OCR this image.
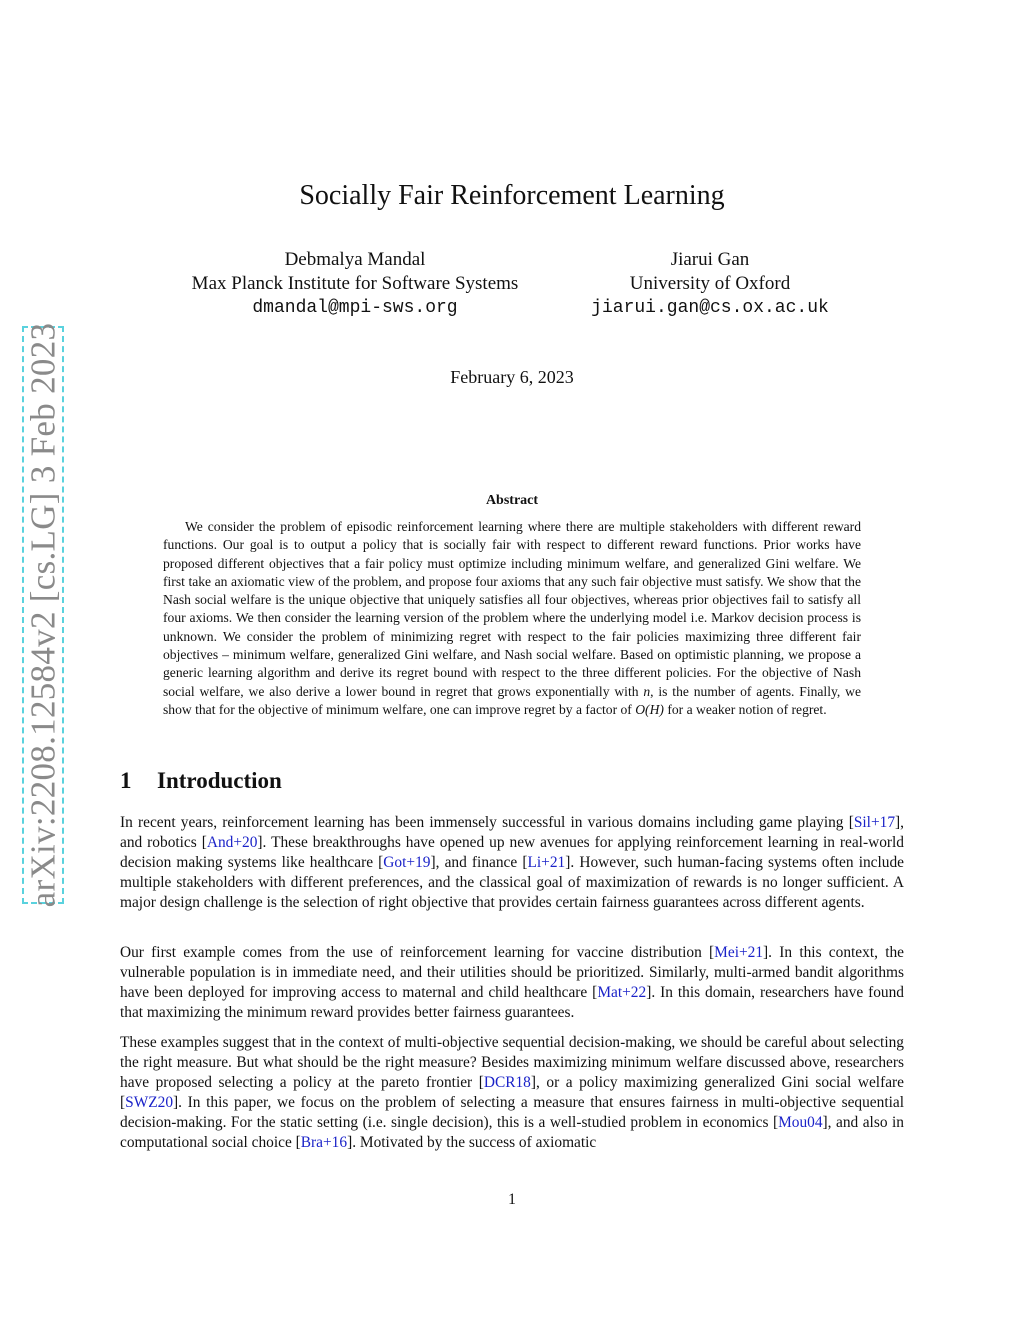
arXiv:2208.12584v2 [cs.LG] 3 Feb 2023
Socially Fair Reinforcement Learning
Debmalya Mandal
Max Planck Institute for Software Systems
dmandal@mpi-sws.org
Jiarui Gan
University of Oxford
jiarui.gan@cs.ox.ac.uk
February 6, 2023
Abstract

We consider the problem of episodic reinforcement learning where there are multiple stakeholders with different reward functions. Our goal is to output a policy that is socially fair with respect to different reward functions. Prior works have proposed different objectives that a fair policy must optimize including minimum welfare, and generalized Gini welfare. We first take an axiomatic view of the problem, and propose four axioms that any such fair objective must satisfy. We show that the Nash social welfare is the unique objective that uniquely satisfies all four objectives, whereas prior objectives fail to satisfy all four axioms. We then consider the learning version of the problem where the underlying model i.e. Markov decision process is unknown. We consider the problem of minimizing regret with respect to the fair policies maximizing three different fair objectives – minimum welfare, generalized Gini welfare, and Nash social welfare. Based on optimistic planning, we propose a generic learning algorithm and derive its regret bound with respect to the three different policies. For the objective of Nash social welfare, we also derive a lower bound in regret that grows exponentially with n, is the number of agents. Finally, we show that for the objective of minimum welfare, one can improve regret by a factor of O(H) for a weaker notion of regret.

1 Introduction

In recent years, reinforcement learning has been immensely successful in various domains including game playing [Sil+17], and robotics [And+20]. These breakthroughs have opened up new avenues for applying reinforcement learning in real-world decision making systems like healthcare [Got+19], and finance [Li+21]. However, such human-facing systems often include multiple stakeholders with different preferences, and the classical goal of maximization of rewards is no longer sufficient. A major design challenge is the selection of right objective that provides certain fairness guarantees across different agents.

Our first example comes from the use of reinforcement learning for vaccine distribution [Mei+21]. In this context, the vulnerable population is in immediate need, and their utilities should be prioritized. Similarly, multi-armed bandit algorithms have been deployed for improving access to maternal and child healthcare [Mat+22]. In this domain, researchers have found that maximizing the minimum reward provides better fairness guarantees.

These examples suggest that in the context of multi-objective sequential decision-making, we should be careful about selecting the right measure. But what should be the right measure? Besides maximizing minimum welfare discussed above, researchers have proposed selecting a policy at the pareto frontier [DCR18], or a policy maximizing generalized Gini social welfare [SWZ20]. In this paper, we focus on the problem of selecting a measure that ensures fairness in multi-objective sequential decision-making. For the static setting (i.e. single decision), this is a well-studied problem in economics [Mou04], and also in computational social choice [Bra+16]. Motivated by the success of axiomatic

1
